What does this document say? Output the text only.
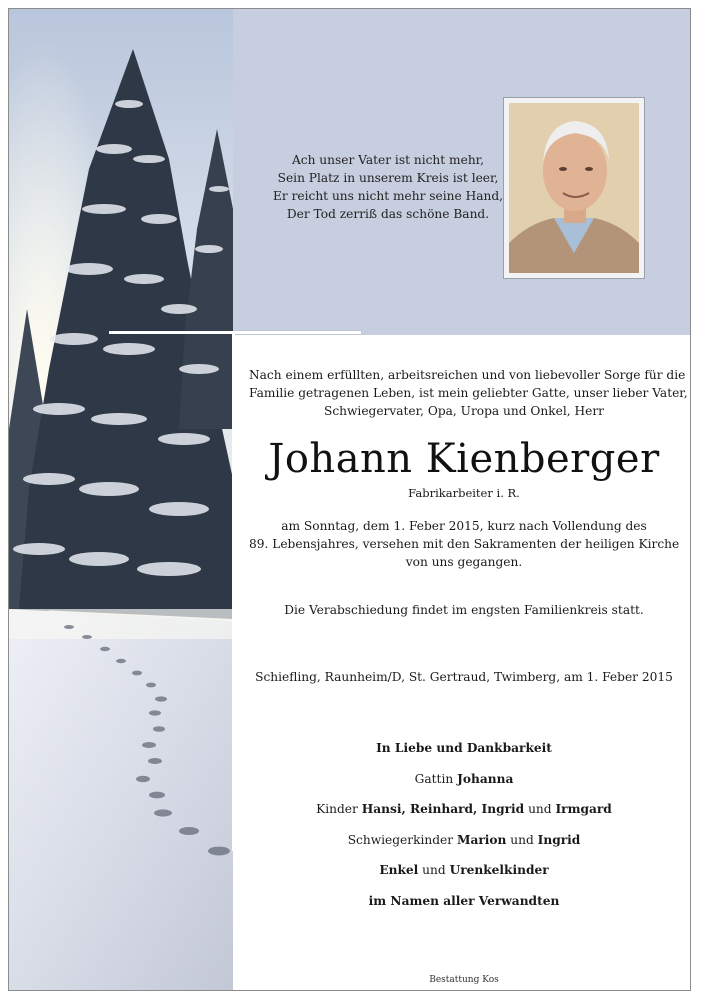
Ach unser Vater ist nicht mehr,
Sein Platz in unserem Kreis ist leer,
Er reicht uns nicht mehr seine Hand,
Der Tod zerriß das schöne Band.
Nach einem erfüllten, arbeitsreichen und von liebevoller Sorge für die
Familie getragenen Leben, ist mein geliebter Gatte, unser lieber Vater,
Schwiegervater, Opa, Uropa und Onkel, Herr
Johann Kienberger
Fabrikarbeiter i. R.
am Sonntag, dem 1. Feber 2015, kurz nach Vollendung des
89. Lebensjahres, versehen mit den Sakramenten der heiligen Kirche
von uns gegangen.
Die Verabschiedung findet im engsten Familienkreis statt.
Schiefling, Raunheim/D, St. Gertraud, Twimberg, am 1. Feber 2015
In Liebe und Dankbarkeit
Gattin Johanna
Kinder Hansi, Reinhard, Ingrid und Irmgard
Schwiegerkinder Marion und Ingrid
Enkel und Urenkelkinder
im Namen aller Verwandten
Bestattung Kos
